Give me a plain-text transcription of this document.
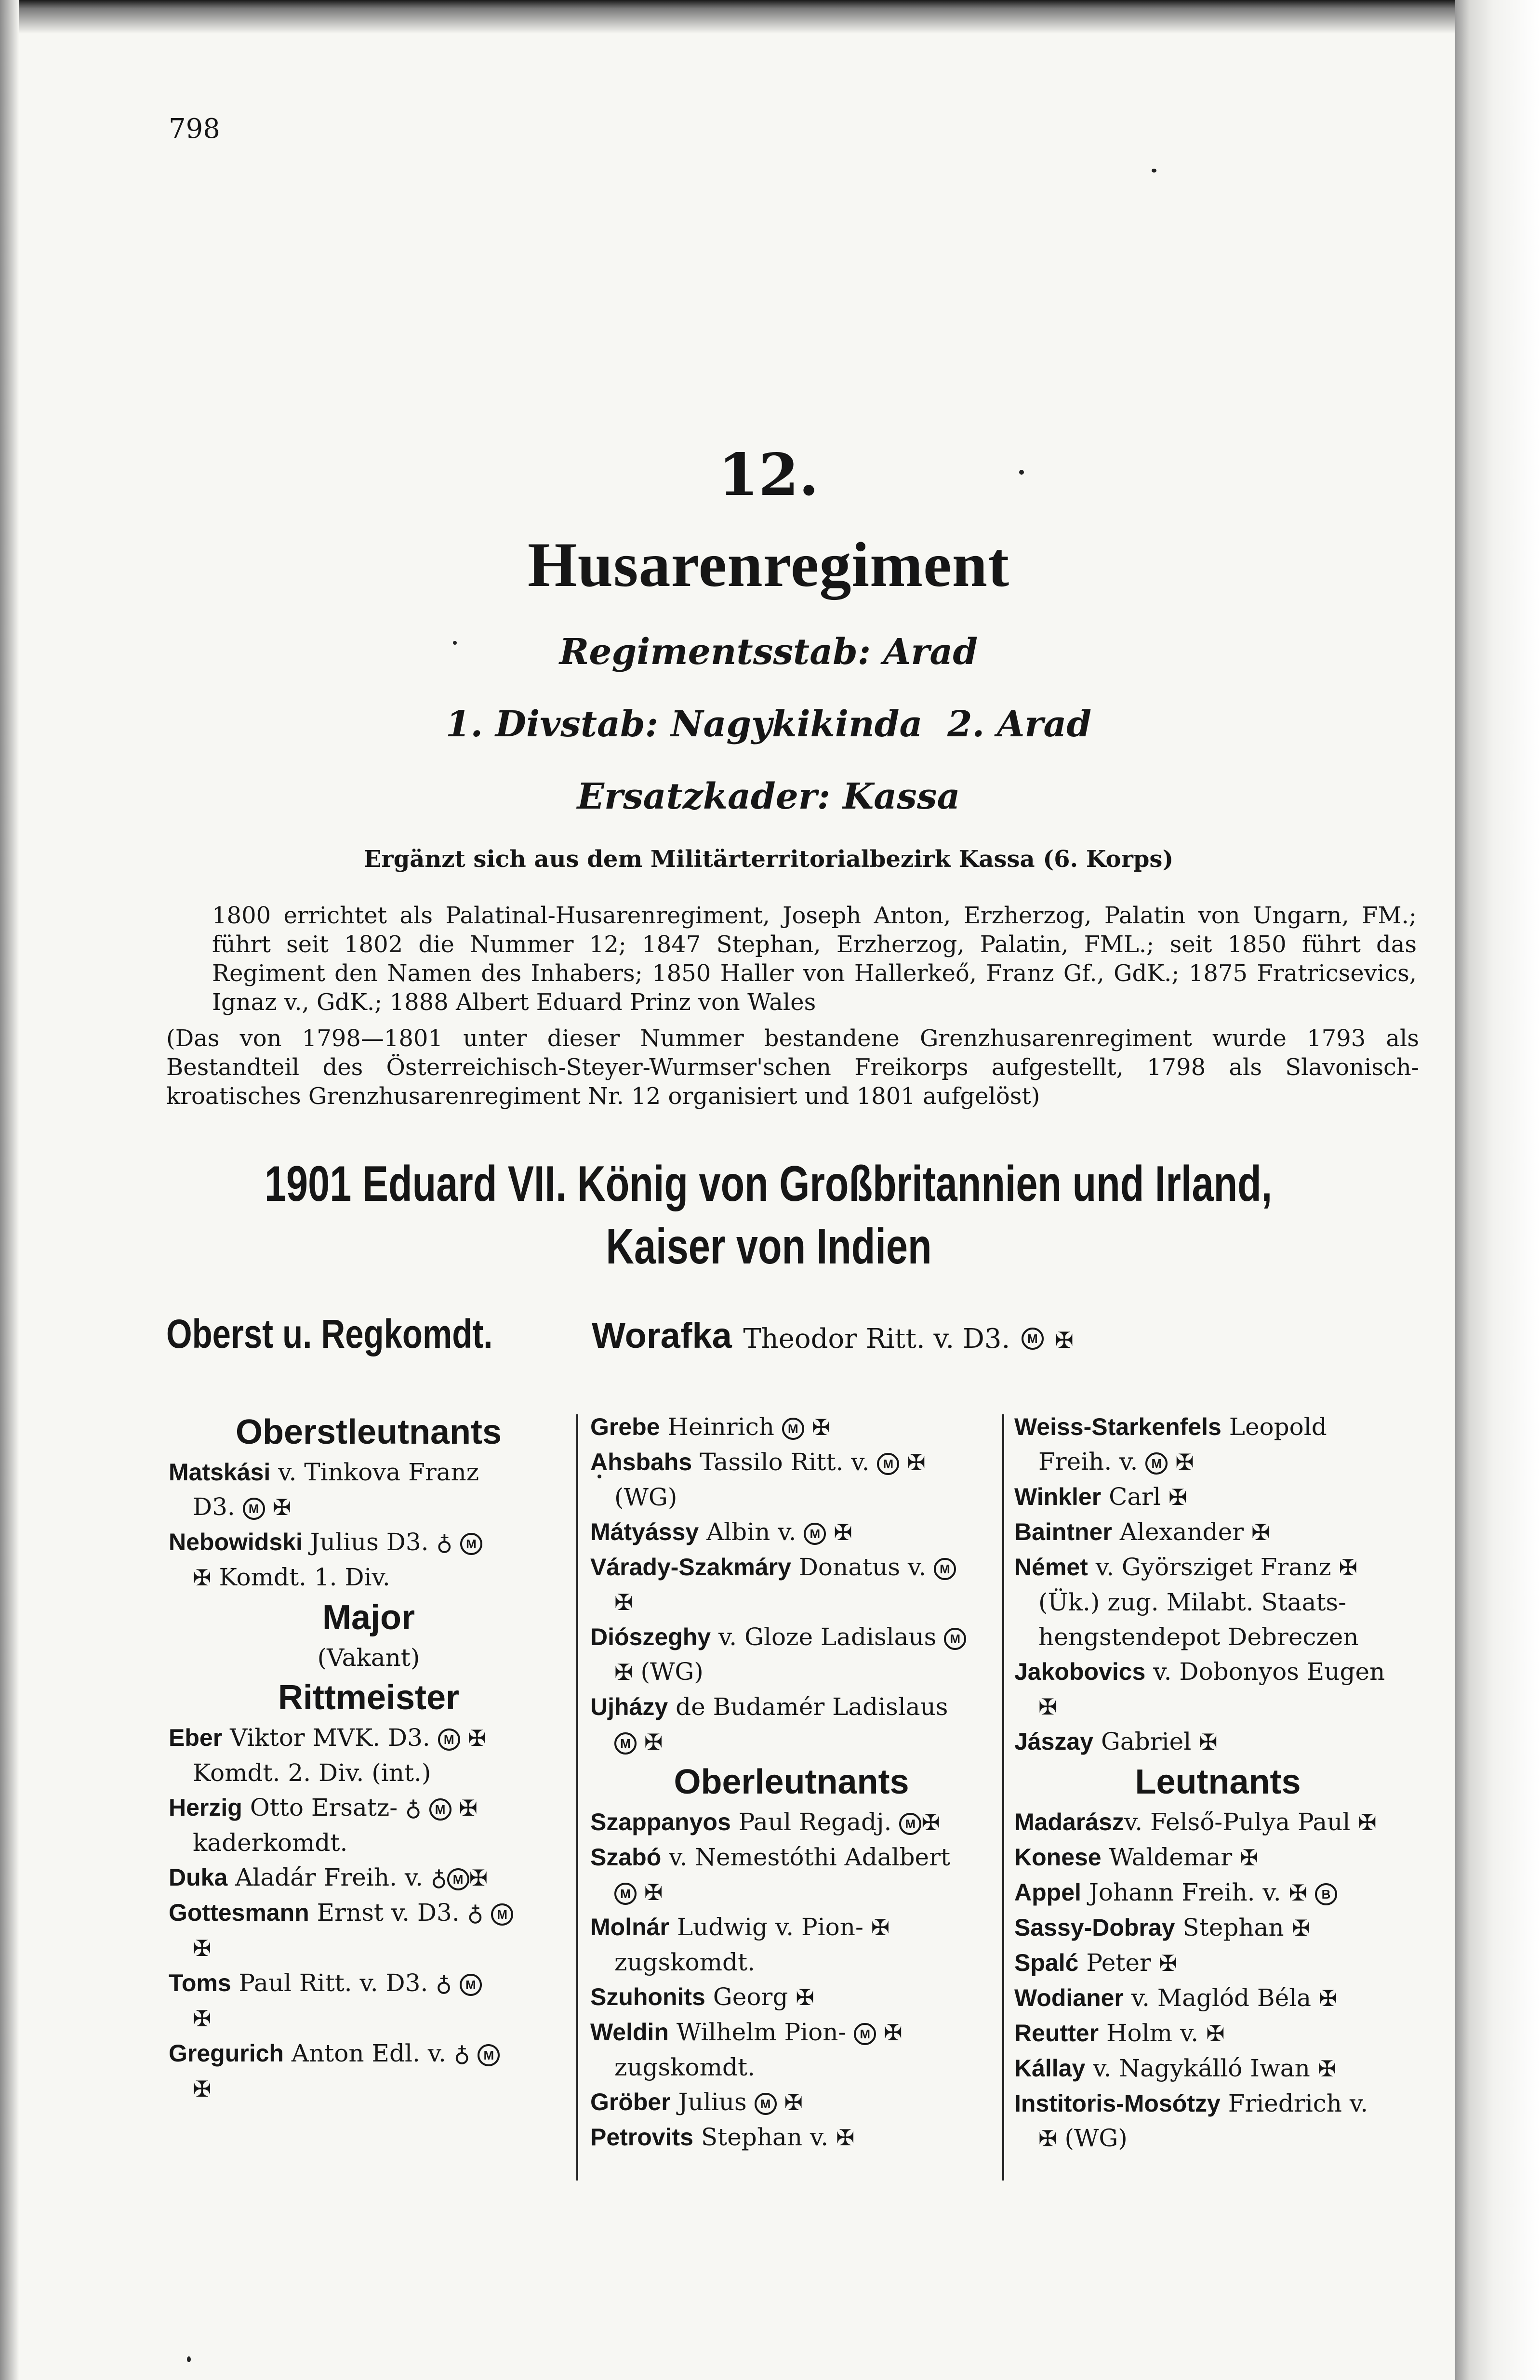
798
12.
Husarenregiment
Regimentsstab: Arad
1. Divstab: Nagykikinda 2. Arad
Ersatzkader: Kassa
Ergänzt sich aus dem Militärterritorialbezirk Kassa (6. Korps)
1800 errichtet als Palatinal-Husarenregiment, Joseph Anton, Erzherzog, Palatin von Ungarn, FM.; führt seit 1802 die Nummer 12; 1847 Stephan, Erzherzog, Palatin, FML.; seit 1850 führt das Regiment den Namen des Inhabers; 1850 Haller von Hallerkeő, Franz Gf., GdK.; 1875 Fratricsevics, Ignaz v., GdK.; 1888 Albert Eduard Prinz von Wales
(Das von 1798—1801 unter dieser Nummer bestandene Grenzhusarenregiment wurde 1793 als Bestandteil des Österreichisch-Steyer-Wurmser'schen Freikorps aufgestellt, 1798 als Slavonisch-kroatisches Grenzhusarenregiment Nr. 12 organisiert und 1801 aufgelöst)
1901 Eduard VII. König von Großbritannien und Irland,
Kaiser von Indien
Oberst u. Regkomdt.	Worafka Theodor Ritt. v. D3. M ✠
Oberstleutnants
Matskási v. Tinkova Franz
D3. M ✠
Nebowidski Julius D3. ♁ M
✠ Komdt. 1. Div.
Major
(Vakant)
Rittmeister
Eber Viktor MVK. D3. M ✠
Komdt. 2. Div. (int.)
Herzig Otto Ersatz- ♁ M ✠
kaderkomdt.
Duka Aladár Freih. v. ♁ M ✠
Gottesmann Ernst v. D3. ♁ M
✠
Toms Paul Ritt. v. D3. ♁ M
✠
Gregurich Anton Edl. v. ♁ M
✠
Grebe Heinrich M ✠
Ahsbahs Tassilo Ritt. v. M ✠
(WG)
Mátyássy Albin v. M ✠
Várady-Szakmáry Donatus v. M
✠
Diószeghy v. Gloze Ladislaus M
✠ (WG)
Ujházy de Budamér Ladislaus
M ✠
Oberleutnants
Szappanyos Paul Regadj. M ✠
Szabó v. Nemestóthi Adalbert
M ✠
Molnár Ludwig v. Pion- ✠
zugskomdt.
Szuhonits Georg ✠
Weldin Wilhelm Pion- M ✠
zugskomdt.
Gröber Julius M ✠
Petrovits Stephan v. ✠
Weiss-Starkenfels Leopold
Freih. v. M ✠
Winkler Carl ✠
Baintner Alexander ✠
Német v. Györsziget Franz ✠
(Ük.) zug. Milabt. Staats-
hengstendepot Debreczen
Jakobovics v. Dobonyos Eugen
✠
Jászay Gabriel ✠
Leutnants
Madarászv. Felső-Pulya Paul ✠
Konese Waldemar ✠
Appel Johann Freih. v. ✠ B
Sassy-Dobray Stephan ✠
Spalć Peter ✠
Wodianer v. Maglód Béla ✠
Reutter Holm v. ✠
Kállay v. Nagykálló Iwan ✠
Institoris-Mosótzy Friedrich v.
✠ (WG)
